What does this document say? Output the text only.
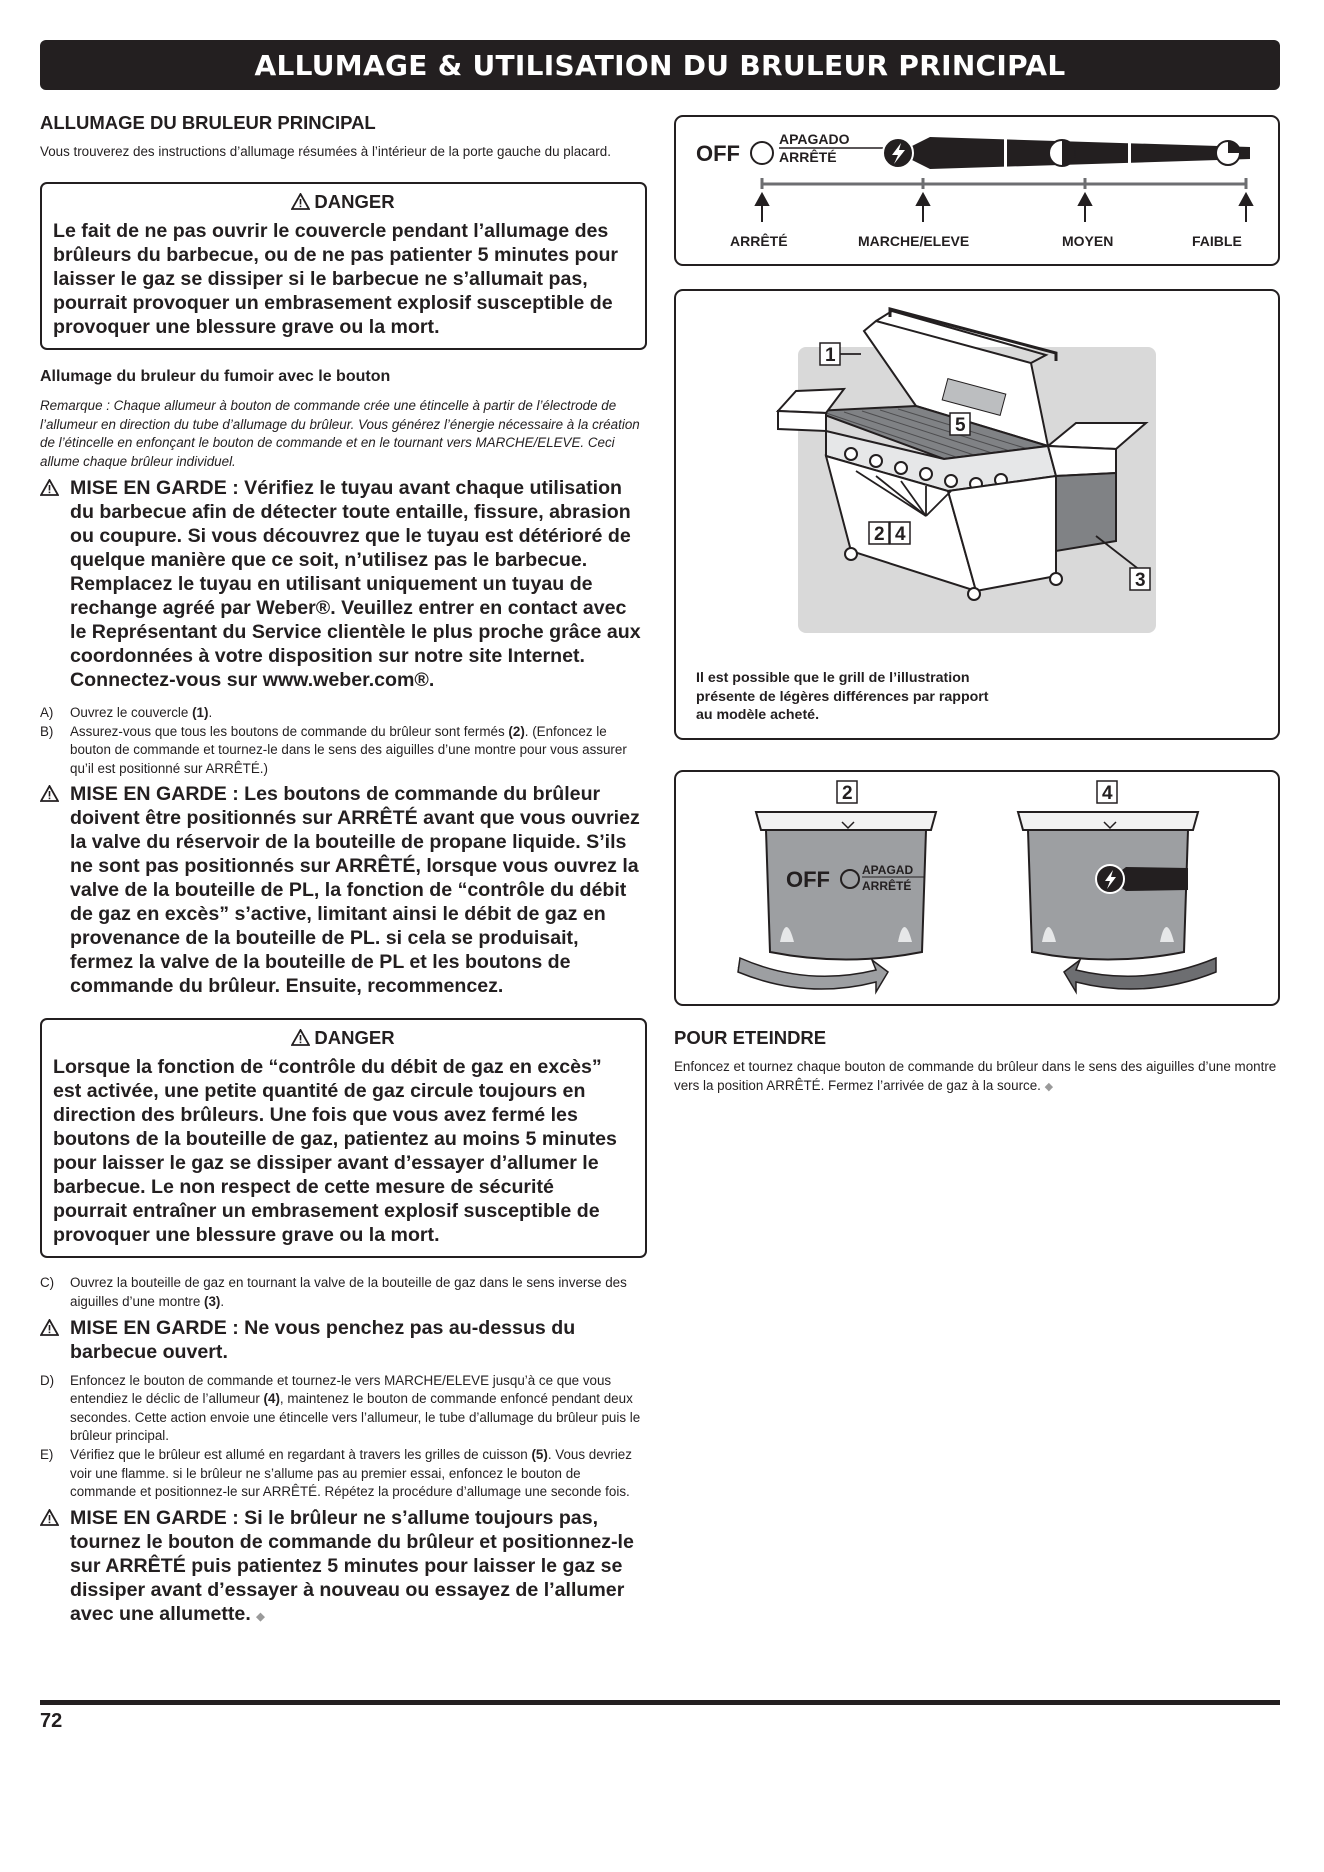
ALLUMAGE & UTILISATION DU BRULEUR PRINCIPAL
ALLUMAGE DU BRULEUR PRINCIPAL
Vous trouverez des instructions d’allumage résumées à l’intérieur de la porte gauche du placard.
DANGER
Le fait de ne pas ouvrir le couvercle pendant l’allumage des brûleurs du barbecue, ou de ne pas patienter 5 minutes pour laisser le gaz se dissiper si le barbecue ne s’allumait pas, pourrait provoquer un embrasement explosif susceptible de provoquer une blessure grave ou la mort.
Allumage du bruleur du fumoir avec le bouton
Remarque : Chaque allumeur à bouton de commande crée une étincelle à partir de l’électrode de l’allumeur en direction du tube d’allumage du brûleur. Vous générez l’énergie nécessaire à la création de l’étincelle en enfonçant le bouton de commande et en le tournant vers MARCHE/ELEVE. Ceci allume chaque brûleur individuel.
MISE EN GARDE : Vérifiez le tuyau avant chaque utilisation du barbecue afin de détecter toute entaille, fissure, abrasion ou coupure. Si vous découvrez que le tuyau est détérioré de quelque manière que ce soit, n’utilisez pas le barbecue. Remplacez le tuyau en utilisant uniquement un tuyau de rechange agréé par Weber®. Veuillez entrer en contact avec le Représentant du Service clientèle le plus proche grâce aux coordonnées à votre disposition sur notre site Internet. Connectez-vous sur www.weber.com®.
A)	Ouvrez le couvercle (1).
B)	Assurez-vous que tous les boutons de commande du brûleur sont fermés (2). (Enfoncez le bouton de commande et tournez-le dans le sens des aiguilles d’une montre pour vous assurer qu’il est positionné sur ARRÊTÉ.)
MISE EN GARDE : Les boutons de commande du brûleur doivent être positionnés sur ARRÊTÉ avant que vous ouvriez la valve du réservoir de la bouteille de propane liquide. S’ils ne sont pas positionnés sur ARRÊTÉ, lorsque vous ouvrez la valve de la bouteille de PL, la fonction de “contrôle du débit de gaz en excès” s’active, limitant ainsi le débit de gaz en provenance de la bouteille de PL. si cela se produisait, fermez la valve de la bouteille de PL et les boutons de commande du brûleur. Ensuite, recommencez.
DANGER
Lorsque la fonction de “contrôle du débit de gaz en excès” est activée, une petite quantité de gaz circule toujours en direction des brûleurs. Une fois que vous avez fermé les boutons de la bouteille de gaz, patientez au moins 5 minutes pour laisser le gaz se dissiper avant d’essayer d’allumer le barbecue. Le non respect de cette mesure de sécurité pourrait entraîner un embrasement explosif susceptible de provoquer une blessure grave ou la mort.
C)	Ouvrez la bouteille de gaz en tournant la valve de la bouteille de gaz dans le sens inverse des aiguilles d’une montre (3).
MISE EN GARDE : Ne vous penchez pas au-dessus du barbecue ouvert.
D)	Enfoncez le bouton de commande et tournez-le vers MARCHE/ELEVE jusqu’à ce que vous entendiez le déclic de l’allumeur (4), maintenez le bouton de commande enfoncé pendant deux secondes. Cette action envoie une étincelle vers l’allumeur, le tube d’allumage du brûleur puis le brûleur principal.
E)	Vérifiez que le brûleur est allumé en regardant à travers les grilles de cuisson (5). Vous devriez voir une flamme. si le brûleur ne s’allume pas au premier essai, enfoncez le bouton de commande et positionnez-le sur ARRÊTÉ. Répétez la procédure d’allumage une seconde fois.
MISE EN GARDE : Si le brûleur ne s’allume toujours pas, tournez le bouton de commande du brûleur et positionnez-le sur ARRÊTÉ puis patientez 5 minutes pour laisser le gaz se dissiper avant d’essayer à nouveau ou essayez de l’allumer avec une allumette. ◆
OFF
APAGADO
ARRÊTÉ
ARRÊTÉ	MARCHE/ELEVE	MOYEN	FAIBLE
1
5
2 4
3
Il est possible que le grill de l’illustration présente de légères différences par rapport au modèle acheté.
2	4
OFF	APAGAD
ARRÊTÉ
POUR ETEINDRE
Enfoncez et tournez chaque bouton de commande du brûleur dans le sens des aiguilles d’une montre vers la position ARRÊTÉ. Fermez l’arrivée de gaz à la source. ◆
72
